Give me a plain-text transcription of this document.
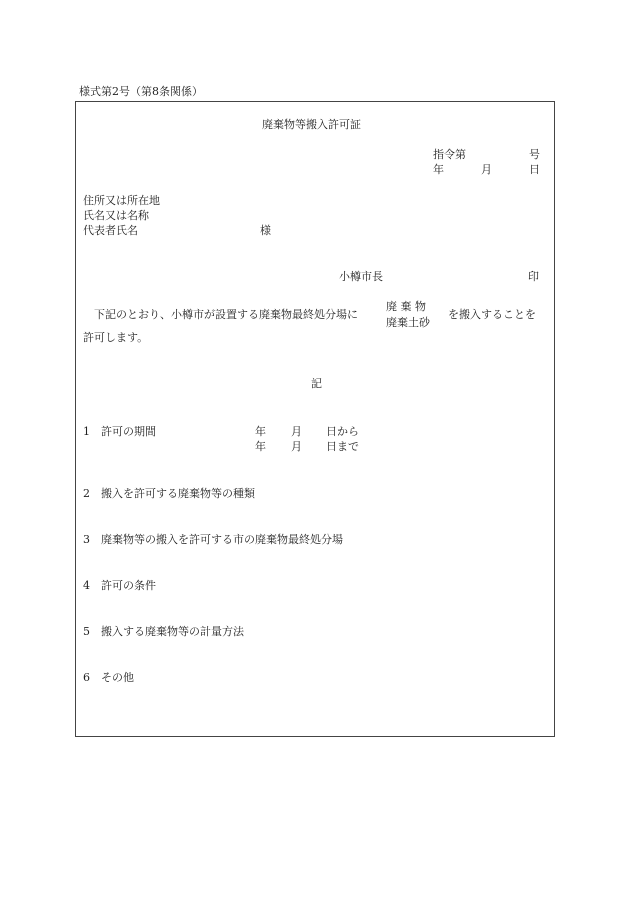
様式第2号（第8条関係）
廃棄物等搬入許可証
指令第	号
年	月	日
住所又は所在地
氏名又は名称
代表者氏名	様
小樽市長	印
下記のとおり、小樽市が設置する廃棄物最終処分場に
廃 棄 物
廃棄土砂
を搬入することを
許可します。
記
1 許可の期間	年 月 日から
年 月 日まで
2 搬入を許可する廃棄物等の種類
3 廃棄物等の搬入を許可する市の廃棄物最終処分場
4 許可の条件
5 搬入する廃棄物等の計量方法
6 その他
